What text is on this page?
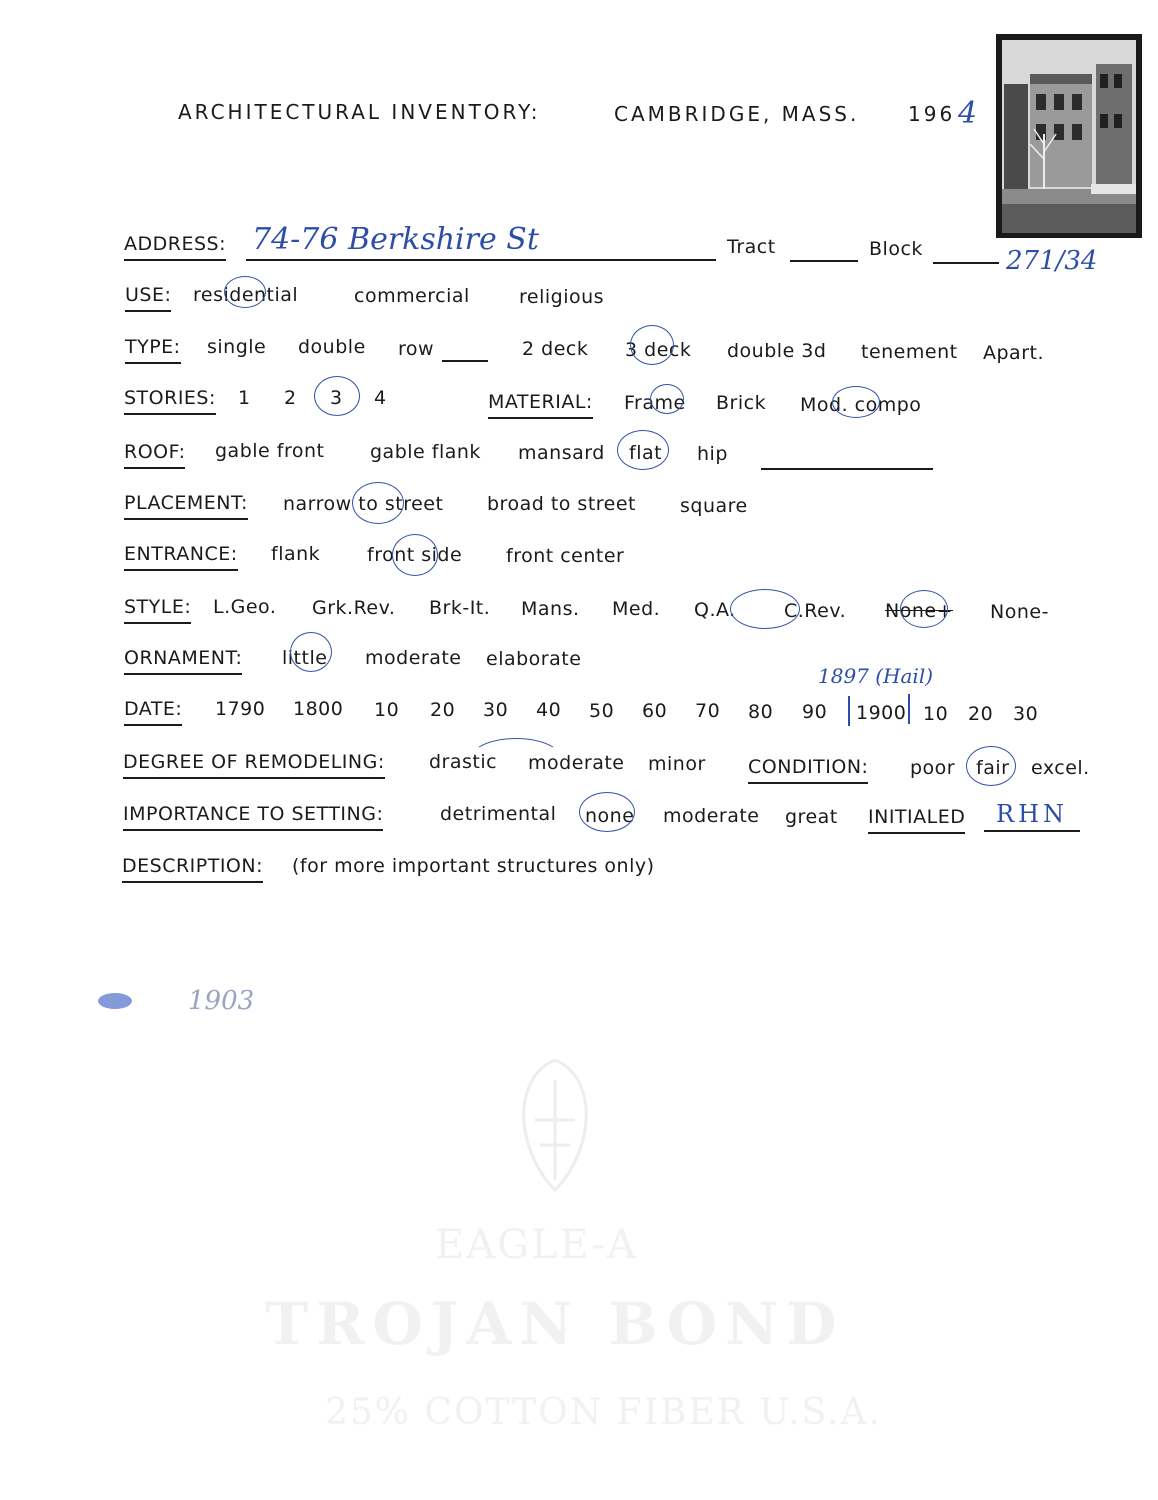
EAGLE-A
TROJAN BOND
25% COTTON FIBER U.S.A.
ARCHITECTURAL INVENTORY:	CAMBRIDGE, MASS. 196 4
ADDRESS: 74-76 Berkshire St	Tract	Block	271/34
USE: residential	commercial	religious
TYPE: single double row	2 deck 3 deck double 3d tenement Apart.
STORIES: 1 2 3 4	MATERIAL: Frame Brick Mod. compo
ROOF: gable front gable flank mansard flat hip
PLACEMENT: narrow to street broad to street square
ENTRANCE: flank front side front center
STYLE: L.Geo. Grk.Rev. Brk-It. Mans. Med. Q.A.	C.Rev. None+ None-
ORNAMENT: little moderate elaborate
1897 (Hail)
DATE: 1790 1800 10 20 30 40 50 60 70 80 90 1900 10 20 30
DEGREE OF REMODELING: drastic moderate minor CONDITION: poor fair excel.
IMPORTANCE TO SETTING:	detrimental none moderate great INITIALED RHN
DESCRIPTION: (for more important structures only)
1903
